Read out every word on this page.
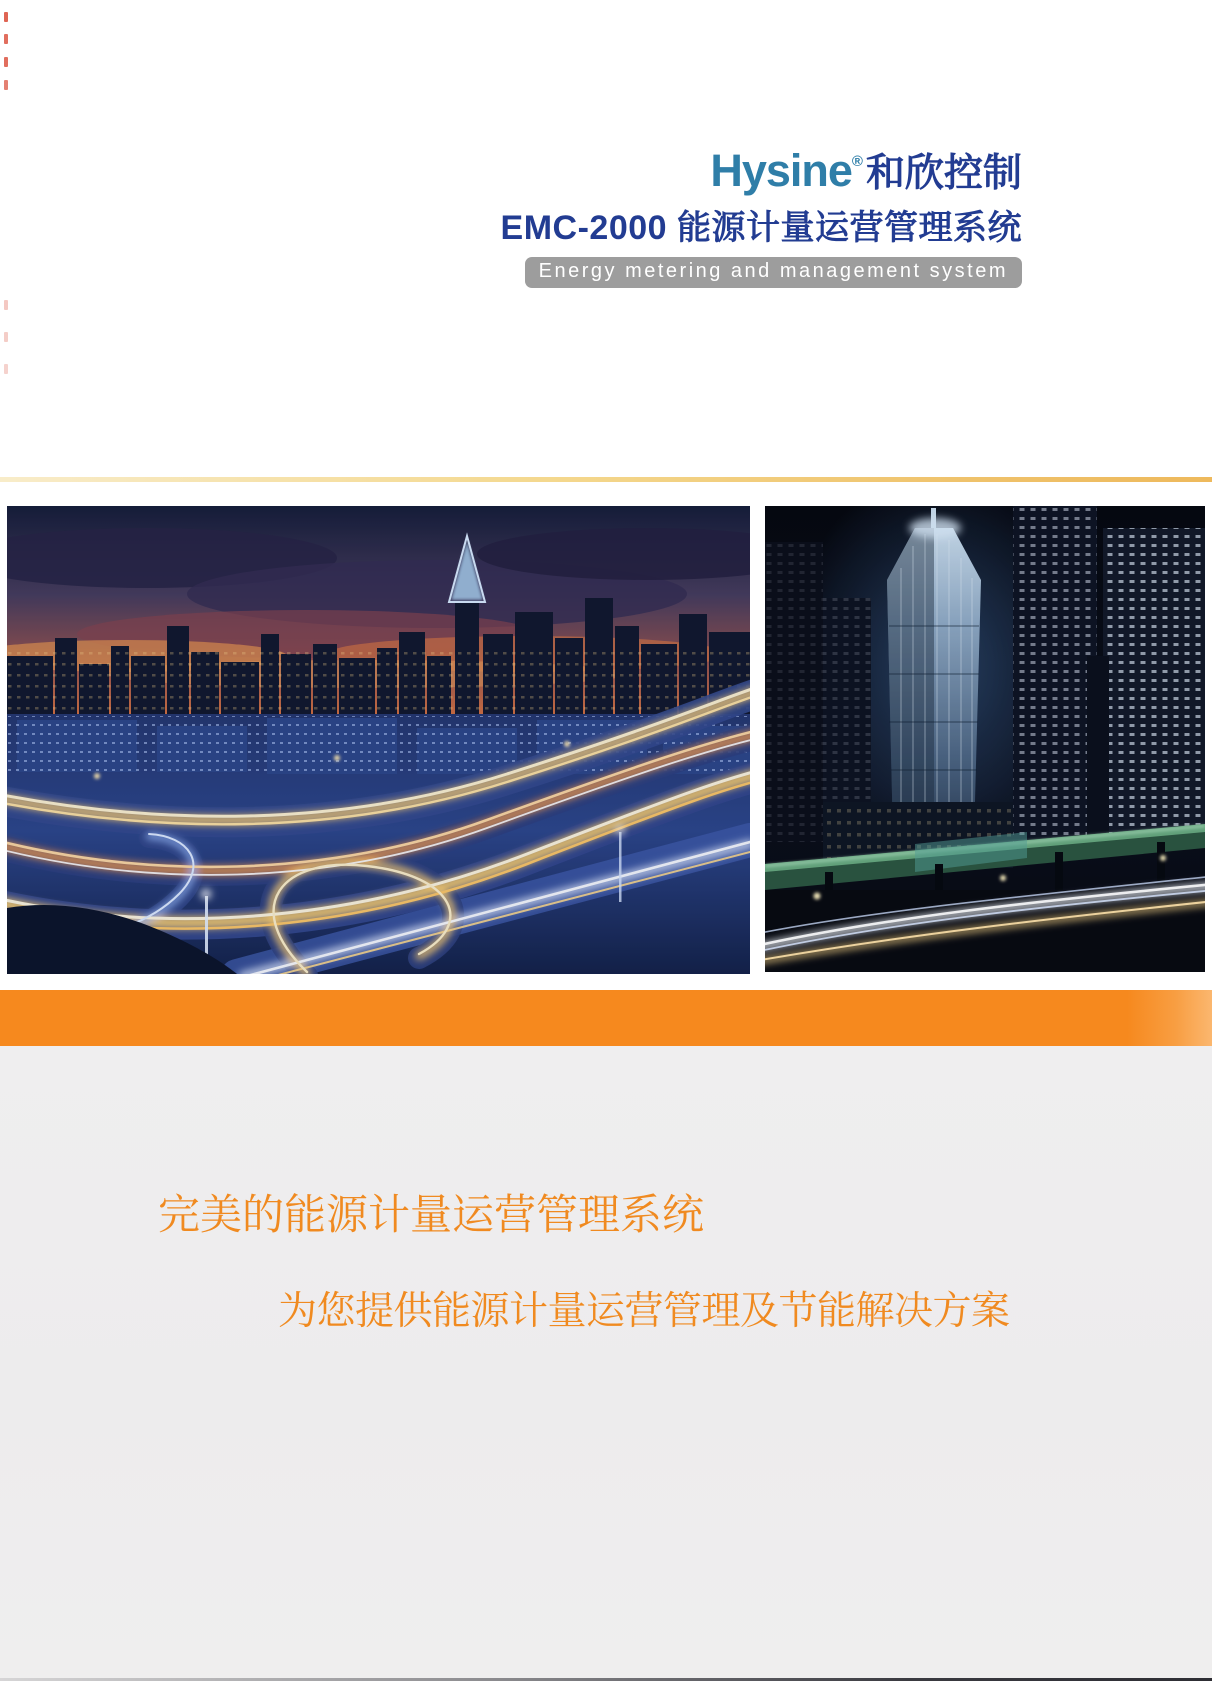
Hysine®和欣控制
EMC-2000 能源计量运营管理系统
Energy metering and management system

完美的能源计量运营管理系统

为您提供能源计量运营管理及节能解决方案
